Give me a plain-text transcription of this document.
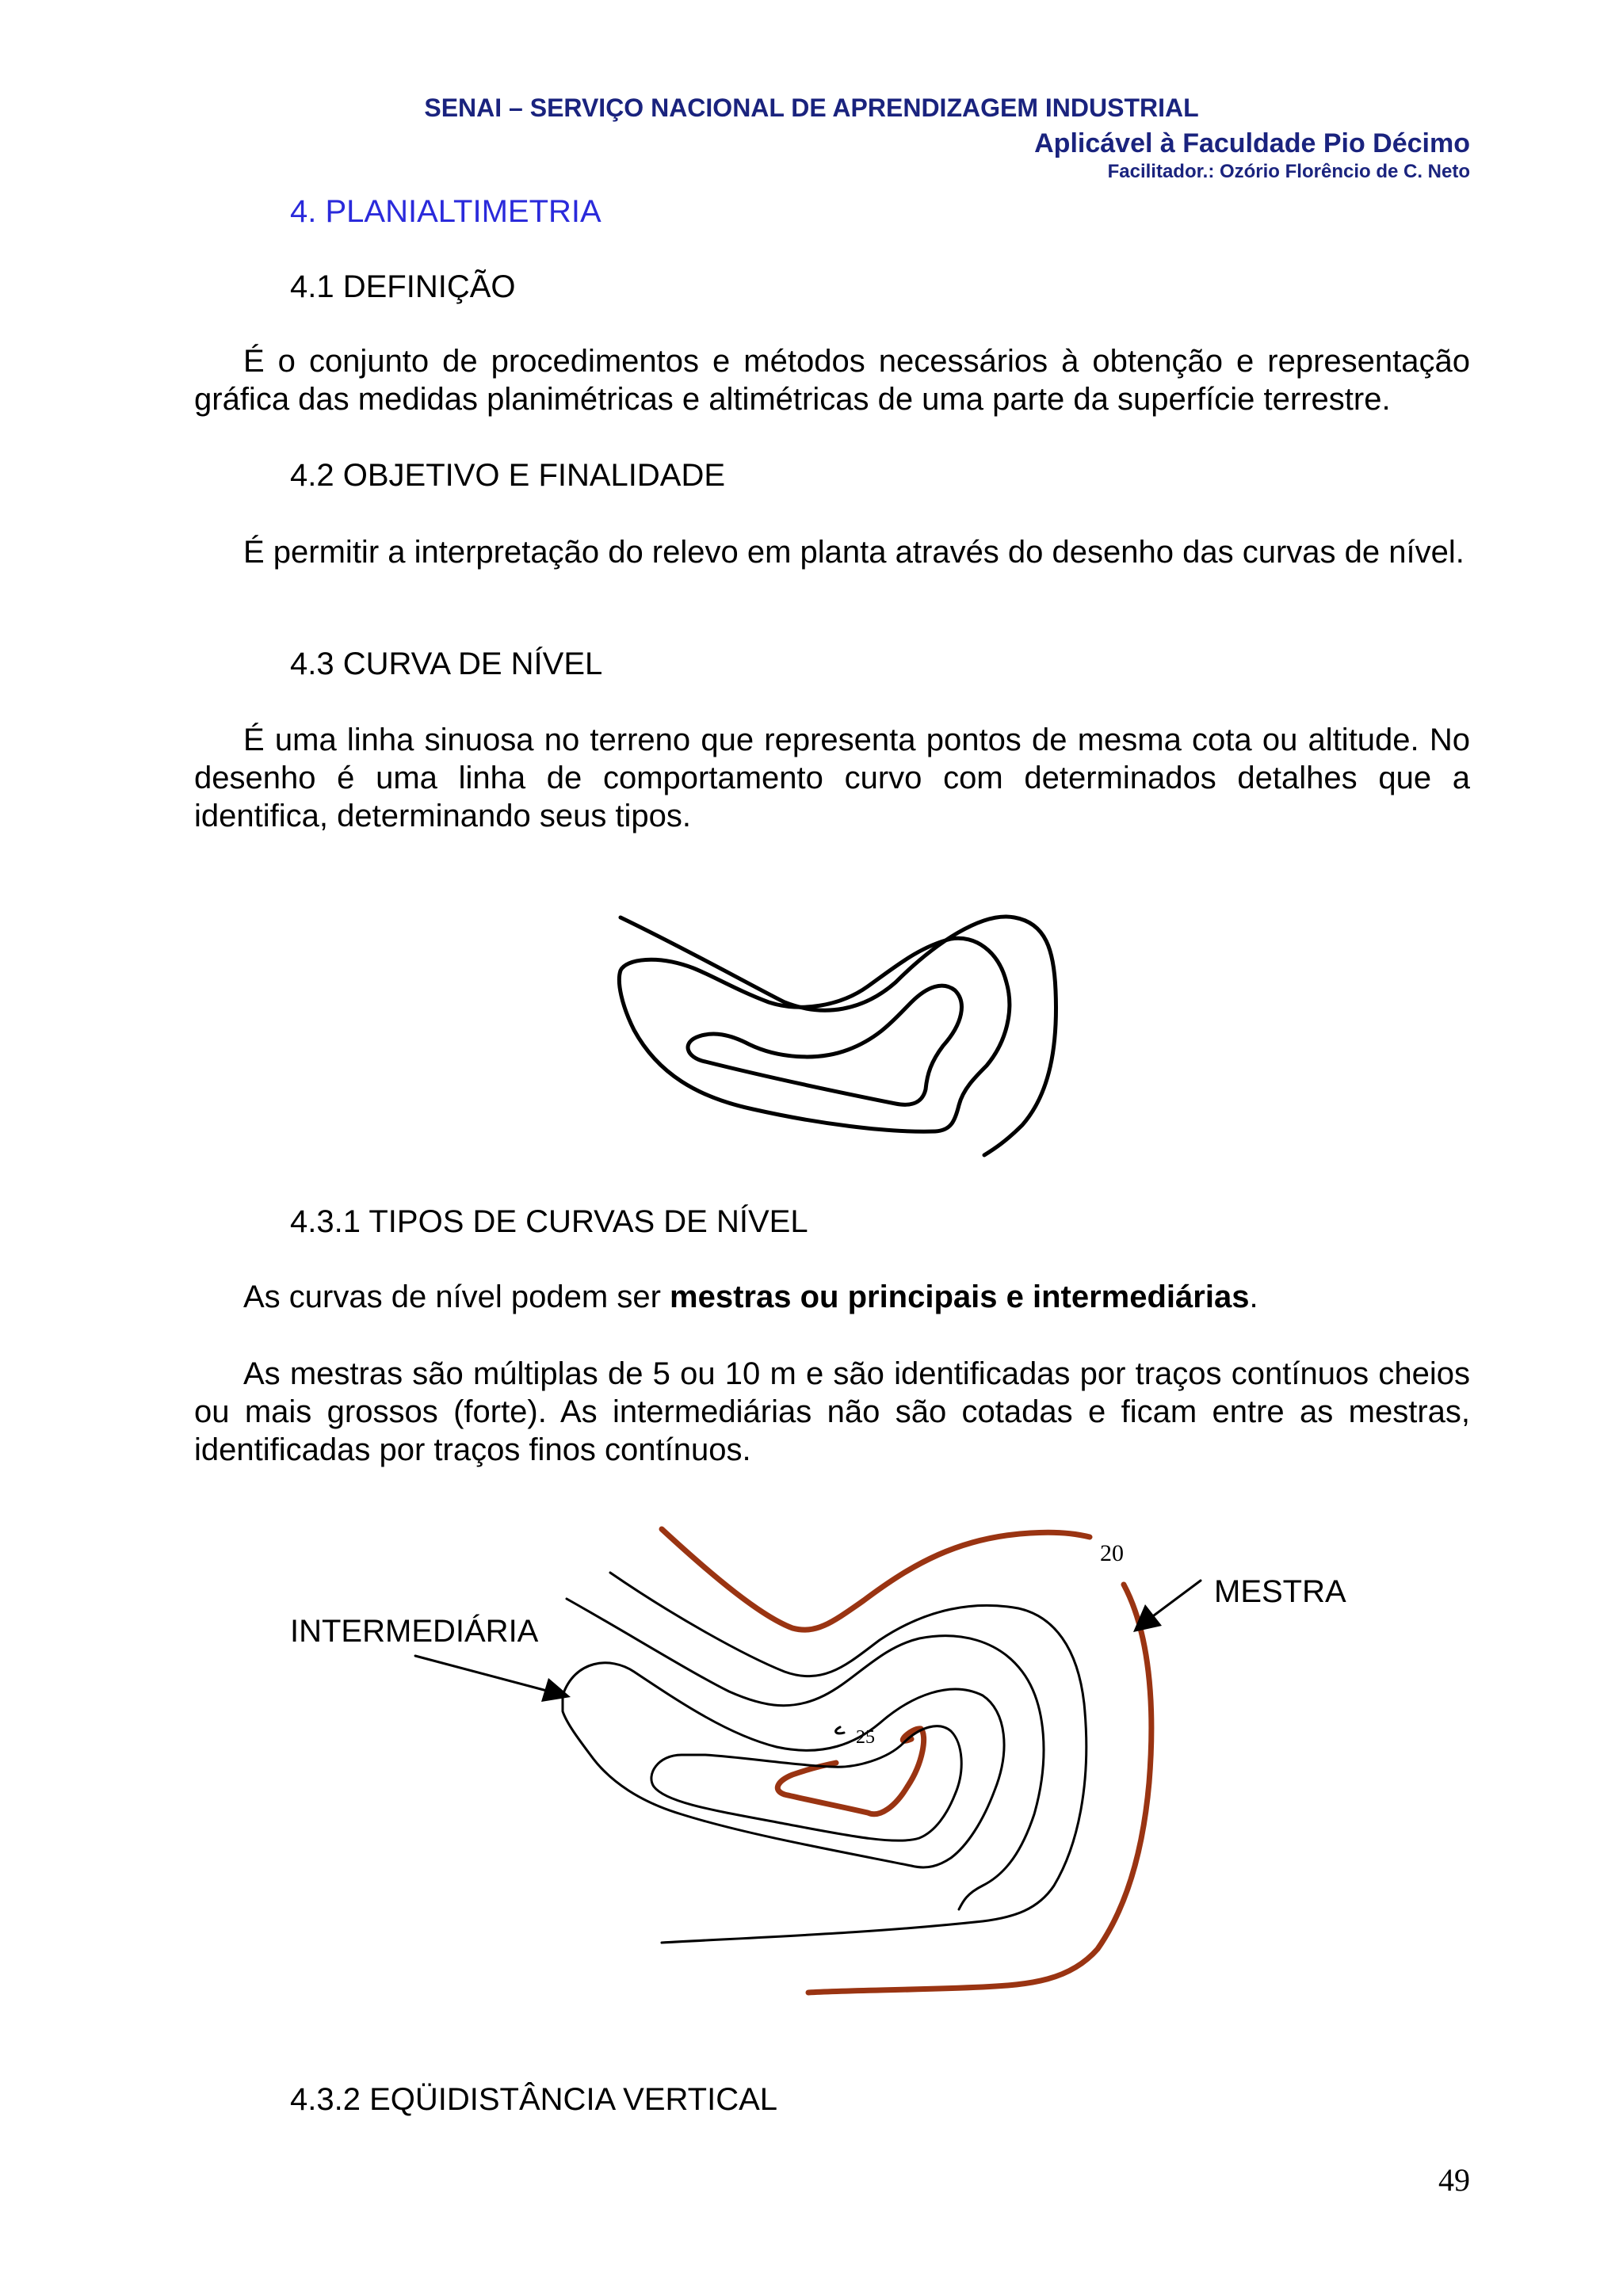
SENAI – SERVIÇO NACIONAL DE APRENDIZAGEM INDUSTRIAL
Aplicável à Faculdade Pio Décimo
Facilitador.: Ozório Florêncio de C. Neto
4. PLANIALTIMETRIA
4.1 DEFINIÇÃO

É o conjunto de procedimentos e métodos necessários à obtenção e representação gráfica das medidas planimétricas e altimétricas de uma parte da superfície terrestre.

4.2 OBJETIVO E FINALIDADE

É permitir a interpretação do relevo em planta através do desenho das curvas de nível.

4.3 CURVA DE NÍVEL

É uma linha sinuosa no terreno que representa pontos de mesma cota ou altitude. No desenho é uma linha de comportamento curvo com determinados detalhes que a identifica, determinando seus tipos.

4.3.1 TIPOS DE CURVAS DE NÍVEL

As curvas de nível podem ser mestras ou principais e intermediárias.

As mestras são múltiplas de 5 ou 10 m e são identificadas por traços contínuos cheios ou mais grossos (forte). As intermediárias não são cotadas e ficam entre as mestras, identificadas por traços finos contínuos.

20
25
INTERMEDIÁRIA
MESTRA
4.3.2 EQÜIDISTÂNCIA VERTICAL
49
